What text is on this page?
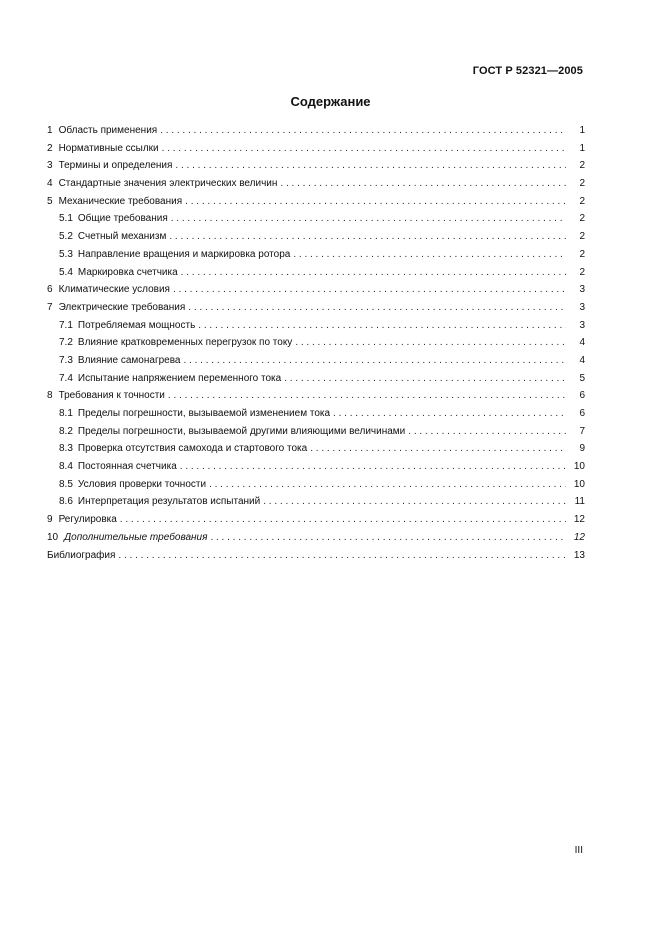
ГОСТ Р 52321—2005
Содержание
1 Область применения . . .	1
2 Нормативные ссылки . . .	1
3 Термины и определения . . .	2
4 Стандартные значения электрических величин . . .	2
5 Механические требования . . .	2
5.1 Общие требования . . .	2
5.2 Счетный механизм . . .	2
5.3 Направление вращения и маркировка ротора . . .	2
5.4 Маркировка счетчика . . .	2
6 Климатические условия . . .	3
7 Электрические требования . . .	3
7.1 Потребляемая мощность . . .	3
7.2 Влияние кратковременных перегрузок по току . . .	4
7.3 Влияние самонагрева . . .	4
7.4 Испытание напряжением переменного тока . . .	5
8 Требования к точности . . .	6
8.1 Пределы погрешности, вызываемой изменением тока . . .	6
8.2 Пределы погрешности, вызываемой другими влияющими величинами . . .	7
8.3 Проверка отсутствия самохода и стартового тока . . .	9
8.4 Постоянная счетчика . . .	10
8.5 Условия проверки точности . . .	10
8.6 Интерпретация результатов испытаний . . .	11
9 Регулировка . . .	12
10 Дополнительные требования . . .	12
Библиография . . .	13
III
